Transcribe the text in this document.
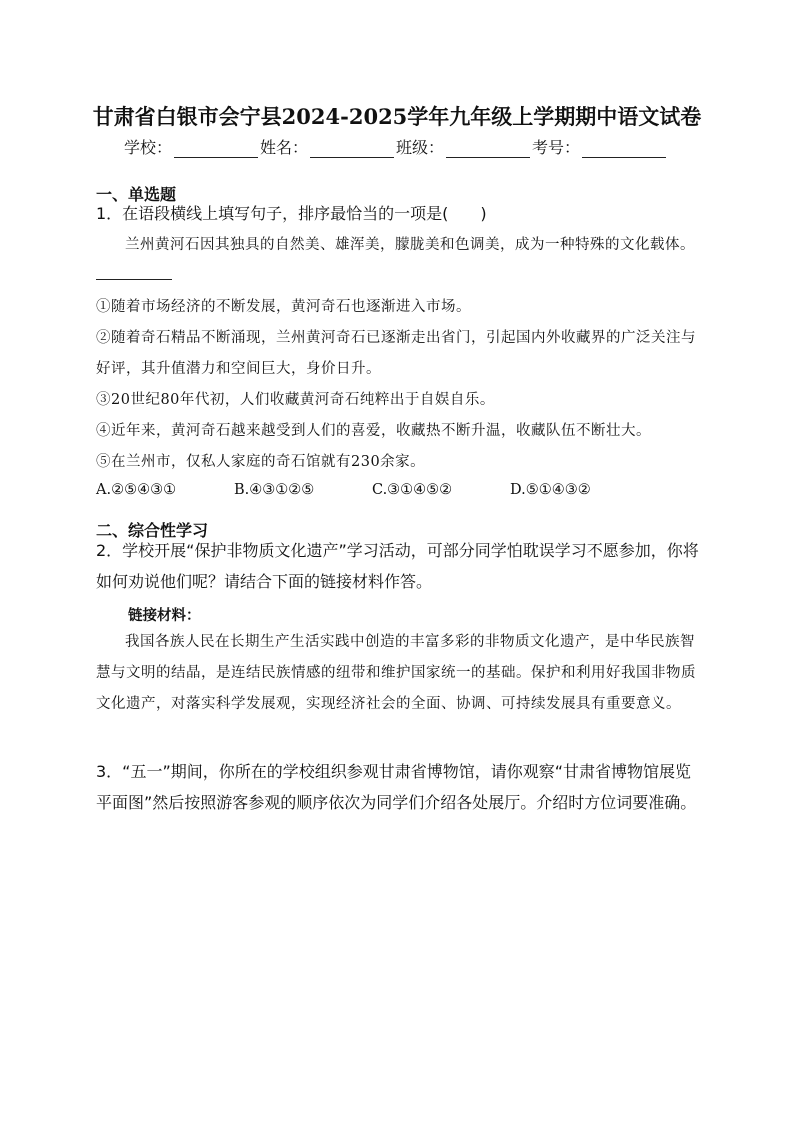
甘肃省白银市会宁县2024-2025学年九年级上学期期中语文试卷
学校：	姓名：	班级：	考号：
一、单选题
1．在语段横线上填写句子，排序最恰当的一项是(　　)
兰州黄河石因其独具的自然美、雄浑美，朦胧美和色调美，成为一种特殊的文化载体。
①随着市场经济的不断发展，黄河奇石也逐渐进入市场。
②随着奇石精品不断涌现，兰州黄河奇石已逐渐走出省门，引起国内外收藏界的广泛关注与好评，其升值潜力和空间巨大，身价日升。
③20世纪80年代初，人们收藏黄河奇石纯粹出于自娱自乐。
④近年来，黄河奇石越来越受到人们的喜爱，收藏热不断升温，收藏队伍不断壮大。
⑤在兰州市，仅私人家庭的奇石馆就有230余家。
A.②⑤④③①	B.④③①②⑤	C.③①④⑤②	D.⑤①④③②
二、综合性学习
2．学校开展“保护非物质文化遗产”学习活动，可部分同学怕耽误学习不愿参加，你将如何劝说他们呢？请结合下面的链接材料作答。
链接材料：
我国各族人民在长期生产生活实践中创造的丰富多彩的非物质文化遗产，是中华民族智慧与文明的结晶，是连结民族情感的纽带和维护国家统一的基础。保护和利用好我国非物质文化遗产，对落实科学发展观，实现经济社会的全面、协调、可持续发展具有重要意义。
3．“五一”期间，你所在的学校组织参观甘肃省博物馆，请你观察“甘肃省博物馆展览平面图”然后按照游客参观的顺序依次为同学们介绍各处展厅。介绍时方位词要准确。
